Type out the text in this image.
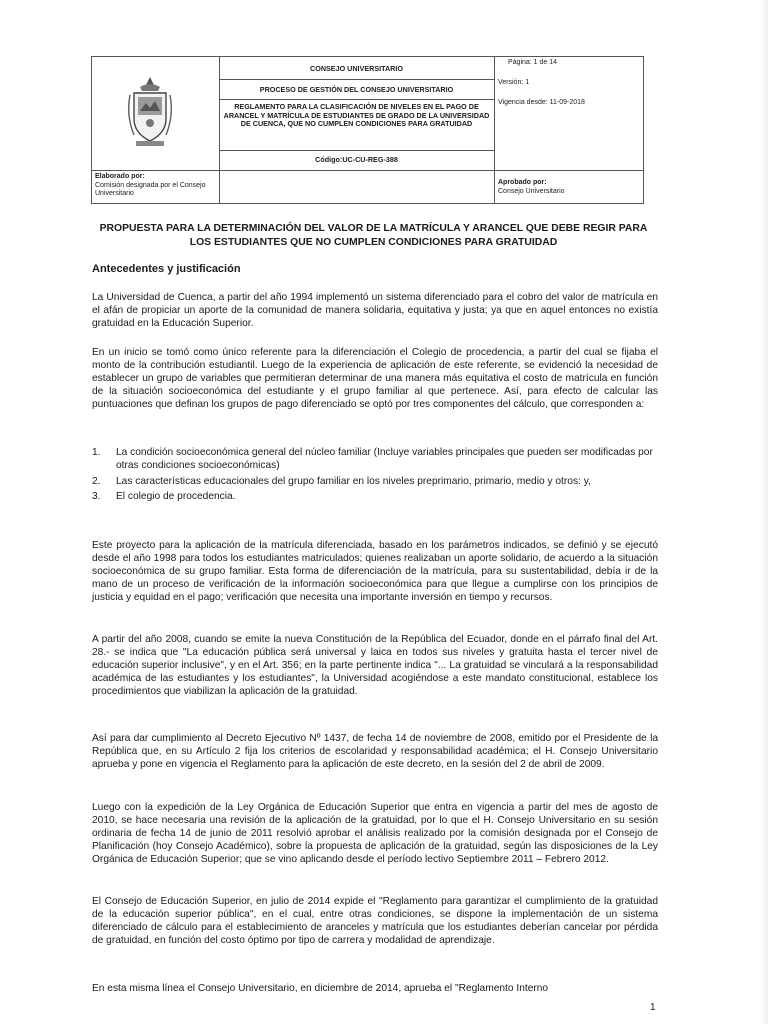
CONSEJO UNIVERSITARIO
PROCESO DE GESTIÓN DEL CONSEJO UNIVERSITARIO
REGLAMENTO PARA LA CLASIFICACIÓN DE NIVELES EN EL PAGO DE ARANCEL Y MATRÍCULA DE ESTUDIANTES DE GRADO DE LA UNIVERSIDAD DE CUENCA, QUE NO CUMPLEN CONDICIONES PARA GRATUIDAD
Código:UC-CU-REG-388
Página: 1 de 14
Versión: 1
Vigencia desde: 11-09-2018
Elaborado por:
Comisión designada por el Consejo Universitario
Aprobado por:
Consejo Universitario
PROPUESTA PARA LA DETERMINACIÓN DEL VALOR DE LA MATRÍCULA Y ARANCEL QUE DEBE REGIR PARA LOS ESTUDIANTES QUE NO CUMPLEN CONDICIONES PARA GRATUIDAD
Antecedentes y justificación
La Universidad de Cuenca, a partir del año 1994 implementó un sistema diferenciado para el cobro del valor de matrícula en el afán de propiciar un aporte de la comunidad de manera solidaria, equitativa y justa; ya que en aquel entonces no existía gratuidad en la Educación Superior.
En un inicio se tomó como único referente para la diferenciación el Colegio de procedencia, a partir del cual se fijaba el monto de la contribución estudiantil. Luego de la experiencia de aplicación de este referente, se evidenció la necesidad de establecer un grupo de variables que permitieran determinar de una manera más equitativa el costo de matrícula en función de la situación socioeconómica del estudiante y el grupo familiar al que pertenece. Así, para efecto de calcular las puntuaciones que definan los grupos de pago diferenciado se optó por tres componentes del cálculo, que corresponden a:
1.	La condición socioeconómica general del núcleo familiar (Incluye variables principales que pueden ser modificadas por otras condiciones socioeconómicas)
2.	Las características educacionales del grupo familiar en los niveles preprimario, primario, medio y otros: y,
3.	El colegio de procedencia.
Este proyecto para la aplicación de la matrícula diferenciada, basado en los parámetros indicados, se definió y se ejecutó desde el año 1998 para todos los estudiantes matriculados; quienes realizaban un aporte solidario, de acuerdo a la situación socioeconómica de su grupo familiar. Esta forma de diferenciación de la matrícula, para su sustentabilidad, debía ir de la mano de un proceso de verificación de la información socioeconómica para que llegue a cumplirse con los principios de justicia y equidad en el pago; verificación que necesita una importante inversión en tiempo y recursos.
A partir del año 2008, cuando se emite la nueva Constitución de la República del Ecuador, donde en el párrafo final del Art. 28.- se indica que "La educación pública será universal y laica en todos sus niveles y gratuita hasta el tercer nivel de educación superior inclusive", y en el Art. 356; en la parte pertinente indica "... La gratuidad se vinculará a la responsabilidad académica de las estudiantes y los estudiantes", la Universidad acogiéndose a este mandato constitucional, establece los procedimientos que viabilizan la aplicación de la gratuidad.
Así para dar cumplimiento al Decreto Ejecutivo Nº 1437, de fecha 14 de noviembre de 2008, emitido por el Presidente de la República que, en su Artículo 2 fija los criterios de escolaridad y responsabilidad académica; el H. Consejo Universitario aprueba y pone en vigencia el Reglamento para la aplicación de este decreto, en la sesión del 2 de abril de 2009.
Luego con la expedición de la Ley Orgánica de Educación Superior que entra en vigencia a partir del mes de agosto de 2010, se hace necesaria una revisión de la aplicación de la gratuidad, por lo que el H. Consejo Universitario en su sesión ordinaria de fecha 14 de junio de 2011 resolvió aprobar el análisis realizado por la comisión designada por el Consejo de Planificación (hoy Consejo Académico), sobre la propuesta de aplicación de la gratuidad, según las disposiciones de la Ley Orgánica de Educación Superior; que se vino aplicando desde el período lectivo Septiembre 2011 – Febrero 2012.
El Consejo de Educación Superior, en julio de 2014 expide el "Reglamento para garantizar el cumplimiento de la gratuidad de la educación superior pública", en el cual, entre otras condiciones, se dispone la implementación de un sistema diferenciado de cálculo para el establecimiento de aranceles y matrícula que los estudiantes deberían cancelar por pérdida de gratuidad, en función del costo óptimo por tipo de carrera y modalidad de aprendizaje.
En esta misma línea el Consejo Universitario, en diciembre de 2014, aprueba el "Reglamento Interno
1
